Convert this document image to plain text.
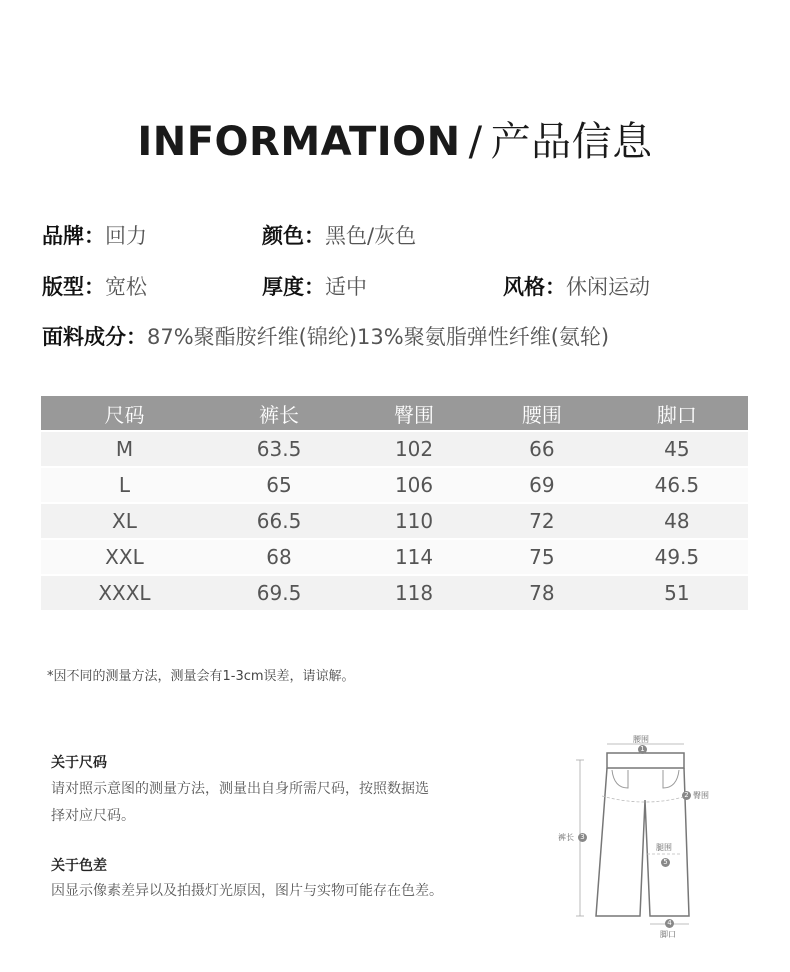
INFORMATION / 产品信息
品牌：回力	颜色：黑色/灰色
版型：宽松	厚度：适中	风格：休闲运动
面料成分：87%聚酯胺纤维(锦纶)13%聚氨脂弹性纤维(氨轮)
尺码	裤长	臀围	腰围	脚口
M	63.5	102	66	45
L	65	106	69	46.5
XL	66.5	110	72	48
XXL	68	114	75	49.5
XXXL	69.5	118	78	51
*因不同的测量方法，测量会有1-3cm误差，请谅解。
关于尺码
请对照示意图的测量方法，测量出自身所需尺码，按照数据选
择对应尺码。
关于色差
因显示像素差异以及拍摄灯光原因，图片与实物可能存在色差。
腰围
1
2 臀围
裤长 3
腿围
5
4
脚口
